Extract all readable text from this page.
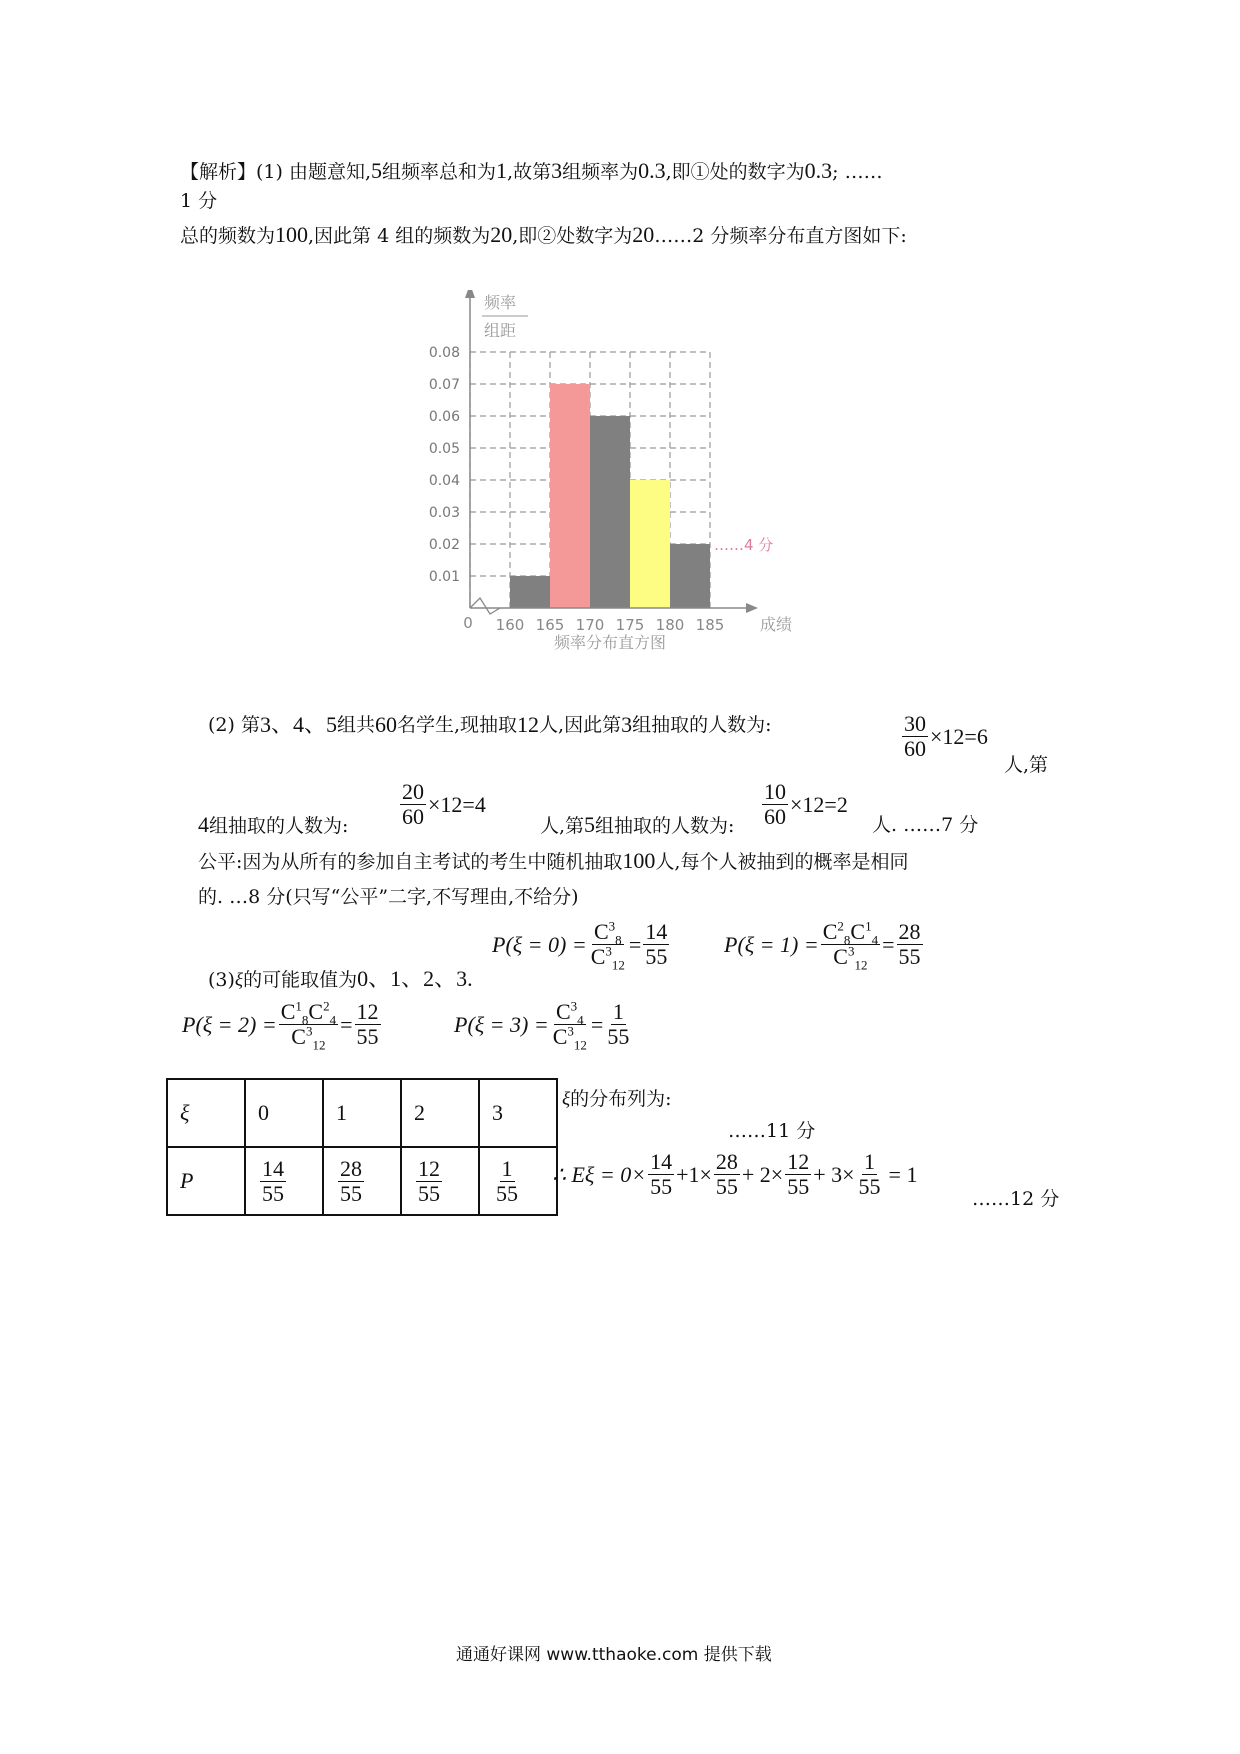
【解析】(1) 由题意知,5组频率总和为1,故第3组频率为0.3,即①处的数字为0.3; ……
1 分
总的频数为100,因此第 4 组的频数为20,即②处数字为20……2 分频率分布直方图如下:
0.01
0.02
0.03
0.04
0.05
0.06
0.07
0.08
160 165 170 175 180 185
0	成绩
频率
组距
频率分布直方图
……4 分
(2) 第 3、4、5 组共 60 名学生,现抽取 12 人,因此第 3 组抽取的人数为:	$\frac{30}{60} \times 12=6$
人,第
4组抽取的人数为: $\frac{20}{60} \times 12=4$
人,第5组抽取的人数为: $\frac{10}{60} \times 12=2$
人. ……7 分
公平:因为从所有的参加自主考试的考生中随机抽取100人,每个人被抽到的概率是相同
的. …8 分(只写“公平”二字,不写理由,不给分)
$P(\xi = 0) = \frac{C^3_8}{C^3_{12}} = \frac{14}{55} P(\xi = 1) = \frac{C^2_8C^1_4}{C^3_{12}} = \frac{28}{55}$
(3)ξ的可能取值为0、1、2、3.
$P(\xi = 2) = \frac{C^1_8C^2_4}{C^3_{12}} = \frac{12}{55}$	$P(\xi = 3) = \frac{C^3_4}{C^3_{12}} = \frac{1}{55}$
ξ	0	1	2	3
P	$\frac{14}{55}$	$\frac{28}{55}$	$\frac{12}{55}$	$\frac{1}{55}$
ξ的分布列为:
……11 分
∴ $E\xi = 0\times \frac{14}{55} +1\times \frac{28}{55} + 2\times \frac{12}{55} + 3\times \frac{1}{55} = 1$
……12 分
通通好课网 www.tthaoke.com 提供下载
